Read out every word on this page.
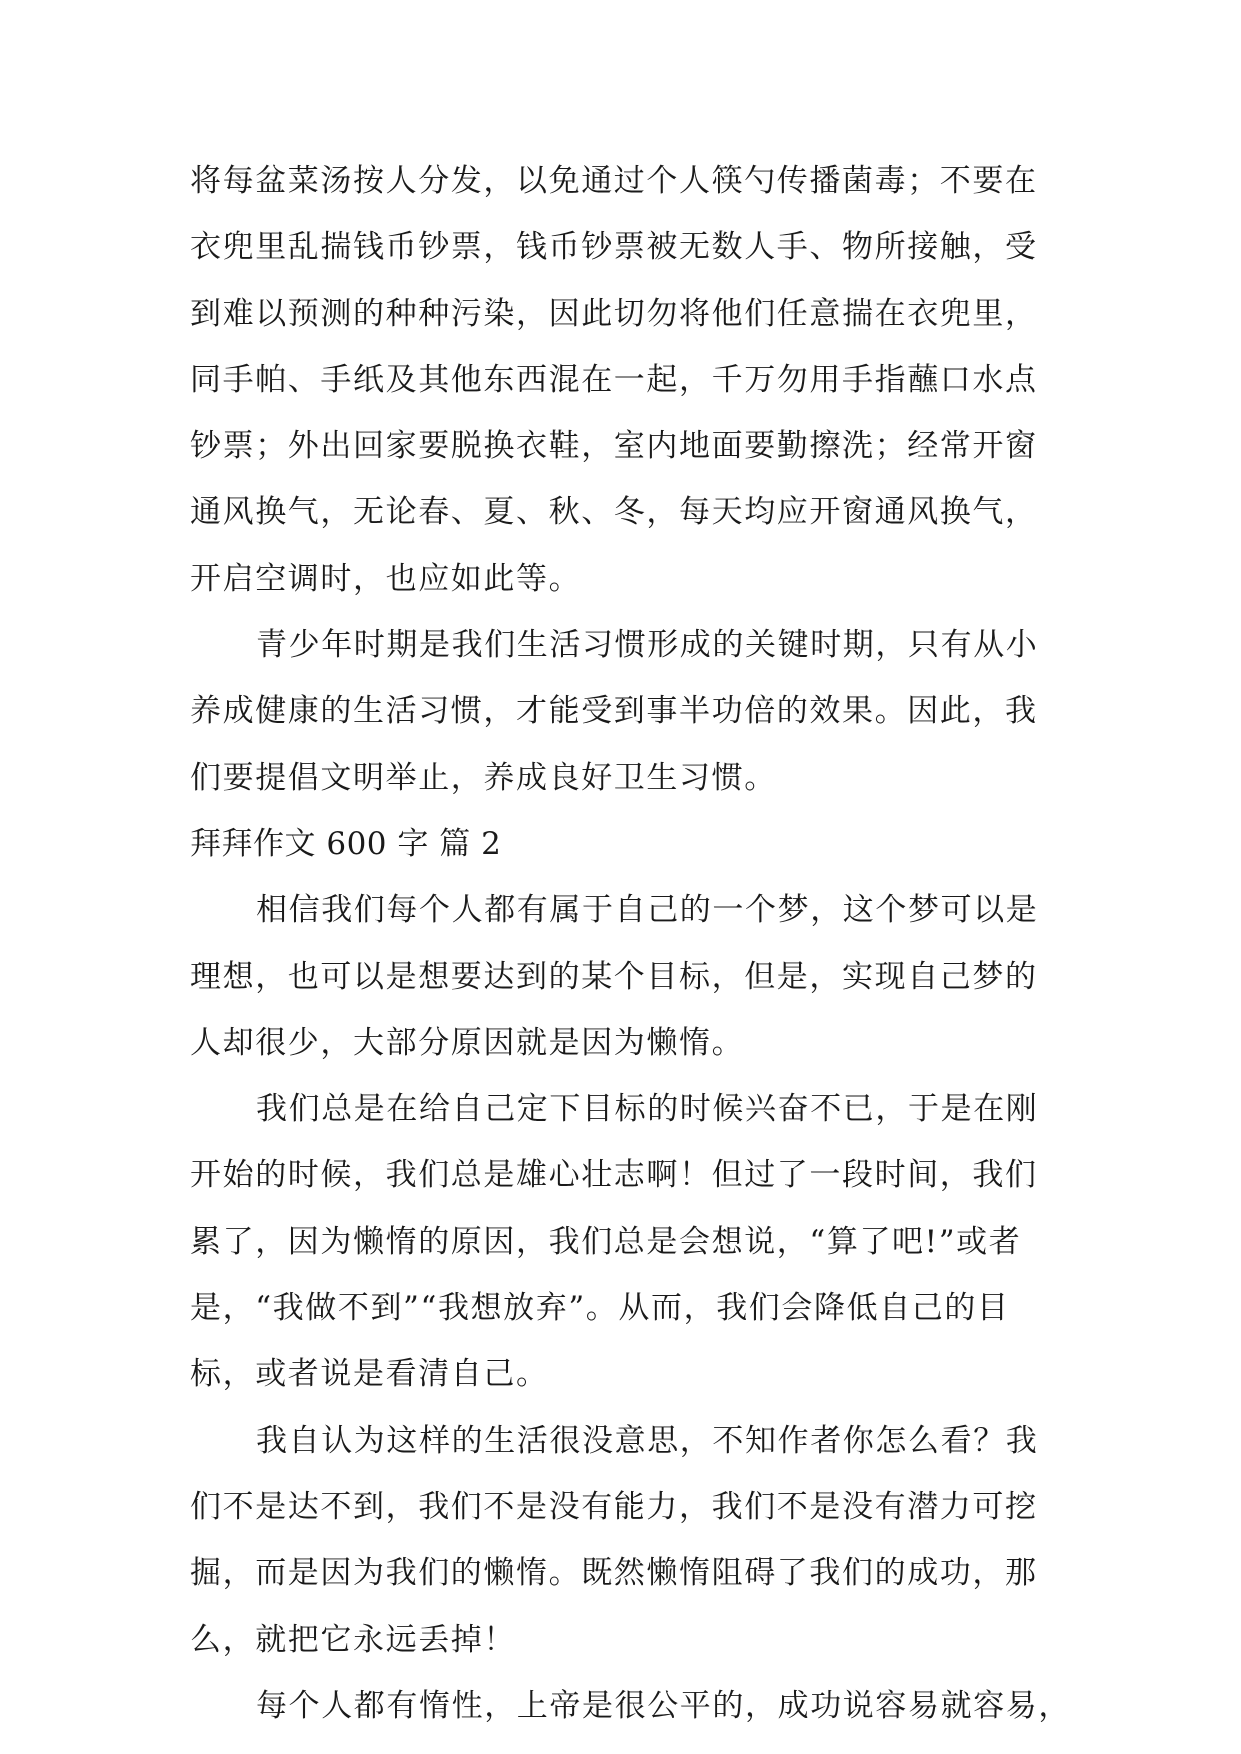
将每盆菜汤按人分发，以免通过个人筷勺传播菌毒；不要在
衣兜里乱揣钱币钞票，钱币钞票被无数人手、物所接触，受
到难以预测的种种污染，因此切勿将他们任意揣在衣兜里，
同手帕、手纸及其他东西混在一起，千万勿用手指蘸口水点
钞票；外出回家要脱换衣鞋，室内地面要勤擦洗；经常开窗
通风换气，无论春、夏、秋、冬，每天均应开窗通风换气，
开启空调时，也应如此等。
青少年时期是我们生活习惯形成的关键时期，只有从小
养成健康的生活习惯，才能受到事半功倍的效果。因此，我
们要提倡文明举止，养成良好卫生习惯。
拜拜作文 600 字 篇 2
相信我们每个人都有属于自己的一个梦，这个梦可以是
理想，也可以是想要达到的某个目标，但是，实现自己梦的
人却很少，大部分原因就是因为懒惰。
我们总是在给自己定下目标的时候兴奋不已，于是在刚
开始的时候，我们总是雄心壮志啊！但过了一段时间，我们
累了，因为懒惰的原因，我们总是会想说，“算了吧!”或者
是，“我做不到”“我想放弃”。从而，我们会降低自己的目
标，或者说是看清自己。
我自认为这样的生活很没意思，不知作者你怎么看？我
们不是达不到，我们不是没有能力，我们不是没有潜力可挖
掘，而是因为我们的懒惰。既然懒惰阻碍了我们的成功，那
么，就把它永远丢掉！
每个人都有惰性，上帝是很公平的，成功说容易就容易，
